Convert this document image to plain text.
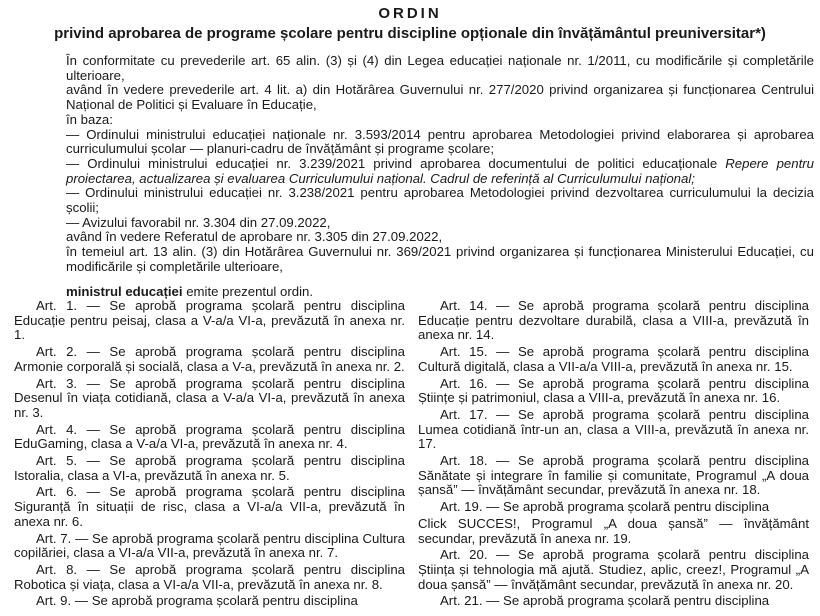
ORDIN
privind aprobarea de programe școlare pentru discipline opționale din învățământul preuniversitar*)

În conformitate cu prevederile art. 65 alin. (3) și (4) din Legea educației naționale nr. 1/2011, cu modificările și completările ulterioare,

având în vedere prevederile art. 4 lit. a) din Hotărârea Guvernului nr. 277/2020 privind organizarea și funcționarea Centrului Național de Politici și Evaluare în Educație,

în baza:

— Ordinului ministrului educației naționale nr. 3.593/2014 pentru aprobarea Metodologiei privind elaborarea și aprobarea curriculumului școlar — planuri-cadru de învățământ și programe școlare;

— Ordinului ministrului educației nr. 3.239/2021 privind aprobarea documentului de politici educaționale Repere pentru proiectarea, actualizarea și evaluarea Curriculumului național. Cadrul de referință al Curriculumului național;

— Ordinului ministrului educației nr. 3.238/2021 pentru aprobarea Metodologiei privind dezvoltarea curriculumului la decizia școlii;

— Avizului favorabil nr. 3.304 din 27.09.2022,

având în vedere Referatul de aprobare nr. 3.305 din 27.09.2022,

în temeiul art. 13 alin. (3) din Hotărârea Guvernului nr. 369/2021 privind organizarea și funcționarea Ministerului Educației, cu modificările și completările ulterioare,

ministrul educației emite prezentul ordin.

Art. 1. — Se aprobă programa școlară pentru disciplina Educație pentru peisaj, clasa a V-a/a VI-a, prevăzută în anexa nr. 1.

Art. 2. — Se aprobă programa școlară pentru disciplina Armonie corporală și socială, clasa a V-a, prevăzută în anexa nr. 2.

Art. 3. — Se aprobă programa școlară pentru disciplina Desenul în viața cotidiană, clasa a V-a/a VI-a, prevăzută în anexa nr. 3.

Art. 4. — Se aprobă programa școlară pentru disciplina EduGaming, clasa a V-a/a VI-a, prevăzută în anexa nr. 4.

Art. 5. — Se aprobă programa școlară pentru disciplina Istoralia, clasa a VI-a, prevăzută în anexa nr. 5.

Art. 6. — Se aprobă programa școlară pentru disciplina Siguranță în situații de risc, clasa a VI-a/a VII-a, prevăzută în anexa nr. 6.

Art. 7. — Se aprobă programa școlară pentru disciplina Cultura copilăriei, clasa a VI-a/a VII-a, prevăzută în anexa nr. 7.

Art. 8. — Se aprobă programa școlară pentru disciplina Robotica și viața, clasa a VI-a/a VII-a, prevăzută în anexa nr. 8.

Art. 9. — Se aprobă programa școlară pentru disciplina

Art. 14. — Se aprobă programa școlară pentru disciplina Educație pentru dezvoltare durabilă, clasa a VIII-a, prevăzută în anexa nr. 14.

Art. 15. — Se aprobă programa școlară pentru disciplina Cultură digitală, clasa a VII-a/a VIII-a, prevăzută în anexa nr. 15.

Art. 16. — Se aprobă programa școlară pentru disciplina Științe și patrimoniul, clasa a VIII-a, prevăzută în anexa nr. 16.

Art. 17. — Se aprobă programa școlară pentru disciplina Lumea cotidiană într-un an, clasa a VIII-a, prevăzută în anexa nr. 17.

Art. 18. — Se aprobă programa școlară pentru disciplina Sănătate și integrare în familie și comunitate, Programul „A doua șansă” — învățământ secundar, prevăzută în anexa nr. 18.

Art. 19. — Se aprobă programa școlară pentru disciplina

Click SUCCES!, Programul „A doua șansă” — învățământ secundar, prevăzută în anexa nr. 19.

Art. 20. — Se aprobă programa școlară pentru disciplina Știința și tehnologia mă ajută. Studiez, aplic, creez!, Programul „A doua șansă” — învățământ secundar, prevăzută în anexa nr. 20.

Art. 21. — Se aprobă programa școlară pentru disciplina
